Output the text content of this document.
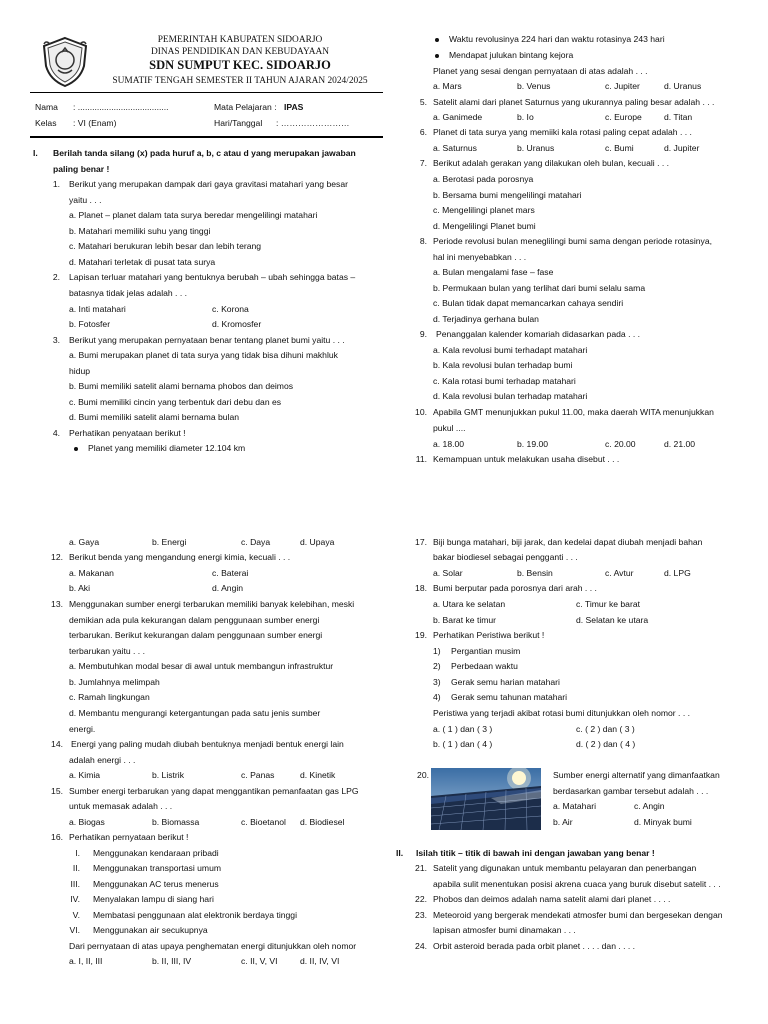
PEMERINTAH KABUPATEN SIDOARJO
DINAS PENDIDIKAN DAN KEBUDAYAAN
SDN SUMPUT KEC. SIDOARJO
SUMATIF TENGAH SEMESTER II TAHUN AJARAN 2024/2025
Nama : ......................................
Kelas : VI (Enam)
Mata Pelajaran : IPAS
Hari/Tanggal : ……………………
I. Berilah tanda silang (x) pada huruf a, b, c atau d yang merupakan jawaban
paling benar !
1. Berikut yang merupakan dampak dari gaya gravitasi matahari yang besar
yaitu . . .
a. Planet – planet dalam tata surya beredar mengelilingi matahari
b. Matahari memiliki suhu yang tinggi
c. Matahari berukuran lebih besar dan lebih terang
d. Matahari terletak di pusat tata surya
2. Lapisan terluar matahari yang bentuknya berubah – ubah sehingga batas –
batasnya tidak jelas adalah . . .
a. Inti matahari	c. Korona
b. Fotosfer	d. Kromosfer
3. Berikut yang merupakan pernyataan benar tentang planet bumi yaitu . . .
a. Bumi merupakan planet di tata surya yang tidak bisa dihuni makhluk
hidup
b. Bumi memiliki satelit alami bernama phobos dan deimos
c. Bumi memiliki cincin yang terbentuk dari debu dan es
d. Bumi memiliki satelit alami bernama bulan
4. Perhatikan penyataan berikut !
Planet yang memiliki diameter 12.104 km
Waktu revolusinya 224 hari dan waktu rotasinya 243 hari
Mendapat julukan bintang kejora
Planet yang sesai dengan pernyataan di atas adalah . . .
a. Mars	b. Venus	c. Jupiter	d. Uranus
5. Satelit alami dari planet Saturnus yang ukurannya paling besar adalah . . .
a. Ganimede	b. Io	c. Europe	d. Titan
6. Planet di tata surya yang memiiki kala rotasi paling cepat adalah . . .
a. Saturnus	b. Uranus	c. Bumi	d. Jupiter
7. Berikut adalah gerakan yang dilakukan oleh bulan, kecuali . . .
a. Berotasi pada porosnya
b. Bersama bumi mengelilingi matahari
c. Mengelilingi planet mars
d. Mengelilingi Planet bumi
8. Periode revolusi bulan meneglilingi bumi sama dengan periode rotasinya,
hal ini menyebabkan . . .
a. Bulan mengalami fase – fase
b. Permukaan bulan yang terlihat dari bumi selalu sama
c. Bulan tidak dapat memancarkan cahaya sendiri
d. Terjadinya gerhana bulan
9. Penanggalan kalender komariah didasarkan pada . . .
a. Kala revolusi bumi terhadapt matahari
b. Kala revolusi bulan terhadap bumi
c. Kala rotasi bumi terhadap matahari
d. Kala revolusi bulan terhadap matahari
10. Apabila GMT menunjukkan pukul 11.00, maka daerah WITA menunjukkan
pukul ....
a. 18.00	b. 19.00	c. 20.00	d. 21.00
11. Kemampuan untuk melakukan usaha disebut . . .
a. Gaya	b. Energi	c. Daya	d. Upaya
12. Berikut benda yang mengandung energi kimia, kecuali . . .
a. Makanan	c. Baterai
b. Aki	d. Angin
13. Menggunakan sumber energi terbarukan memiliki banyak kelebihan, meski
demikian ada pula kekurangan dalam penggunaan sumber energi
terbarukan. Berikut kekurangan dalam penggunaan sumber energi
terbarukan yaitu . . .
a. Membutuhkan modal besar di awal untuk membangun infrastruktur
b. Jumlahnya melimpah
c. Ramah lingkungan
d. Membantu mengurangi ketergantungan pada satu jenis sumber
energi.
14. Energi yang paling mudah diubah bentuknya menjadi bentuk energi lain
adalah energi . . .
a. Kimia	b. Listrik	c. Panas	d. Kinetik
15. Sumber energi terbarukan yang dapat menggantikan pemanfaatan gas LPG
untuk memasak adalah . . .
a. Biogas	b. Biomassa	c. Bioetanol d. Biodiesel
16. Perhatikan pernyataan berikut !
I. Menggunakan kendaraan pribadi
II. Menggunakan transportasi umum
III. Menggunakan AC terus menerus
IV. Menyalakan lampu di siang hari
V. Membatasi penggunaan alat elektronik berdaya tinggi
VI. Menggunakan air secukupnya
Dari pernyataan di atas upaya penghematan energi ditunjukkan oleh nomor
a. I, II, III	b. II, III, IV	c. II, V, VI	d. II, IV, VI
17. Biji bunga matahari, biji jarak, dan kedelai dapat diubah menjadi bahan
bakar biodiesel sebagai pengganti . . .
a. Solar	b. Bensin	c. Avtur	d. LPG
18. Bumi berputar pada porosnya dari arah . . .
a. Utara ke selatan	c. Timur ke barat
b. Barat ke timur	d. Selatan ke utara
19. Perhatikan Peristiwa berikut !
1) Pergantian musim
2) Perbedaan waktu
3) Gerak semu harian matahari
4) Gerak semu tahunan matahari
Peristiwa yang terjadi akibat rotasi bumi ditunjukkan oleh nomor . . .
a. ( 1 ) dan ( 3 )	c. ( 2 ) dan ( 3 )
b. ( 1 ) dan ( 4 )	d. ( 2 ) dan ( 4 )
20.	Sumber energi alternatif yang dimanfaatkan
berdasarkan gambar tersebut adalah . . .
a. Matahari	c. Angin
b. Air	d. Minyak bumi
II. Isilah titik – titik di bawah ini dengan jawaban yang benar !
21. Satelit yang digunakan untuk membantu pelayaran dan penerbangan
apabila sulit menentukan posisi akrena cuaca yang buruk disebut satelit . . .
22. Phobos dan deimos adalah nama satelit alami dari planet . . . .
23. Meteoroid yang bergerak mendekati atmosfer bumi dan bergesekan dengan
lapisan atmosfer bumi dinamakan . . .
24. Orbit asteroid berada pada orbit planet . . . . dan . . . .
